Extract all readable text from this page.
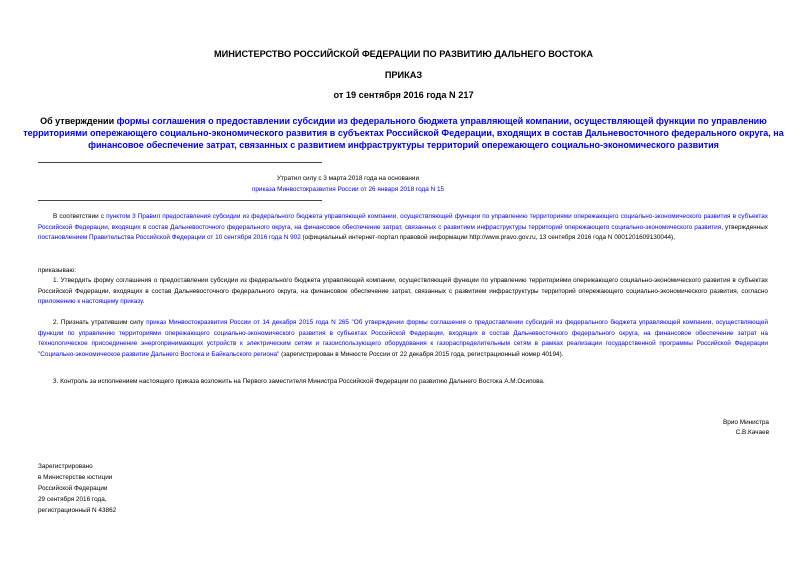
МИНИСТЕРСТВО РОССИЙСКОЙ ФЕДЕРАЦИИ ПО РАЗВИТИЮ ДАЛЬНЕГО ВОСТОКА
ПРИКАЗ
от 19 сентября 2016 года N 217
Об утверждении формы соглашения о предоставлении субсидии из федерального бюджета управляющей компании, осуществляющей функции по управлению территориями опережающего социально-экономического развития в субъектах Российской Федерации, входящих в состав Дальневосточного федерального округа, на финансовое обеспечение затрат, связанных с развитием инфраструктуры территорий опережающего социально-экономического развития
Утратил силу с 3 марта 2018 года на основании
приказа Минвостокразвития России от 26 января 2018 года N 15
В соответствии с пунктом 3 Правил предоставления субсидии из федерального бюджета управляющей компании, осуществляющей функции по управлению территориями опережающего социально-экономического развития в субъектах Российской Федерации, входящих в состав Дальневосточного федерального округа, на финансовое обеспечение затрат, связанных с развитием инфраструктуры территорий опережающего социально-экономического развития, утвержденных постановлением Правительства Российской Федерации от 10 сентября 2016 года N 902 (официальный интернет-портал правовой информации http://www.pravo.gov.ru, 13 сентября 2016 года N 0001201609130044),
приказываю:
1. Утвердить форму соглашения о предоставлении субсидии из федерального бюджета управляющей компании, осуществляющей функции по управлению территориями опережающего социально-экономического развития в субъектах Российской Федерации, входящих в состав Дальневосточного федерального округа, на финансовое обеспечение затрат, связанных с развитием инфраструктуры территорий опережающего социально-экономического развития, согласно приложению к настоящему приказу.
2. Признать утратившим силу приказ Минвостокразвития России от 14 декабря 2015 года N 265 "Об утверждении формы соглашения о предоставлении субсидий из федерального бюджета управляющей компании, осуществляющей функции по управлению территориями опережающего социально-экономического развития в субъектах Российской Федерации, входящих в состав Дальневосточного федерального округа, на финансовое обеспечение затрат на технологическое присоединение энергопринимающих устройств к электрическим сетям и газоиспользующего оборудования к газораспределительным сетям в рамках реализации государственной программы Российской Федерации "Социально-экономическое развитие Дальнего Востока и Байкальского региона" (зарегистрирован в Минюсте России от 22 декабря 2015 года, регистрационный номер 40194).
3. Контроль за исполнением настоящего приказа возложить на Первого заместителя Министра Российской Федерации по развитию Дальнего Востока А.М.Осипова.
Врио Министра
С.В.Качаев
Зарегистрировано
в Министерстве юстиции
Российской Федерации
29 сентября 2016 года,
регистрационный N 43862
